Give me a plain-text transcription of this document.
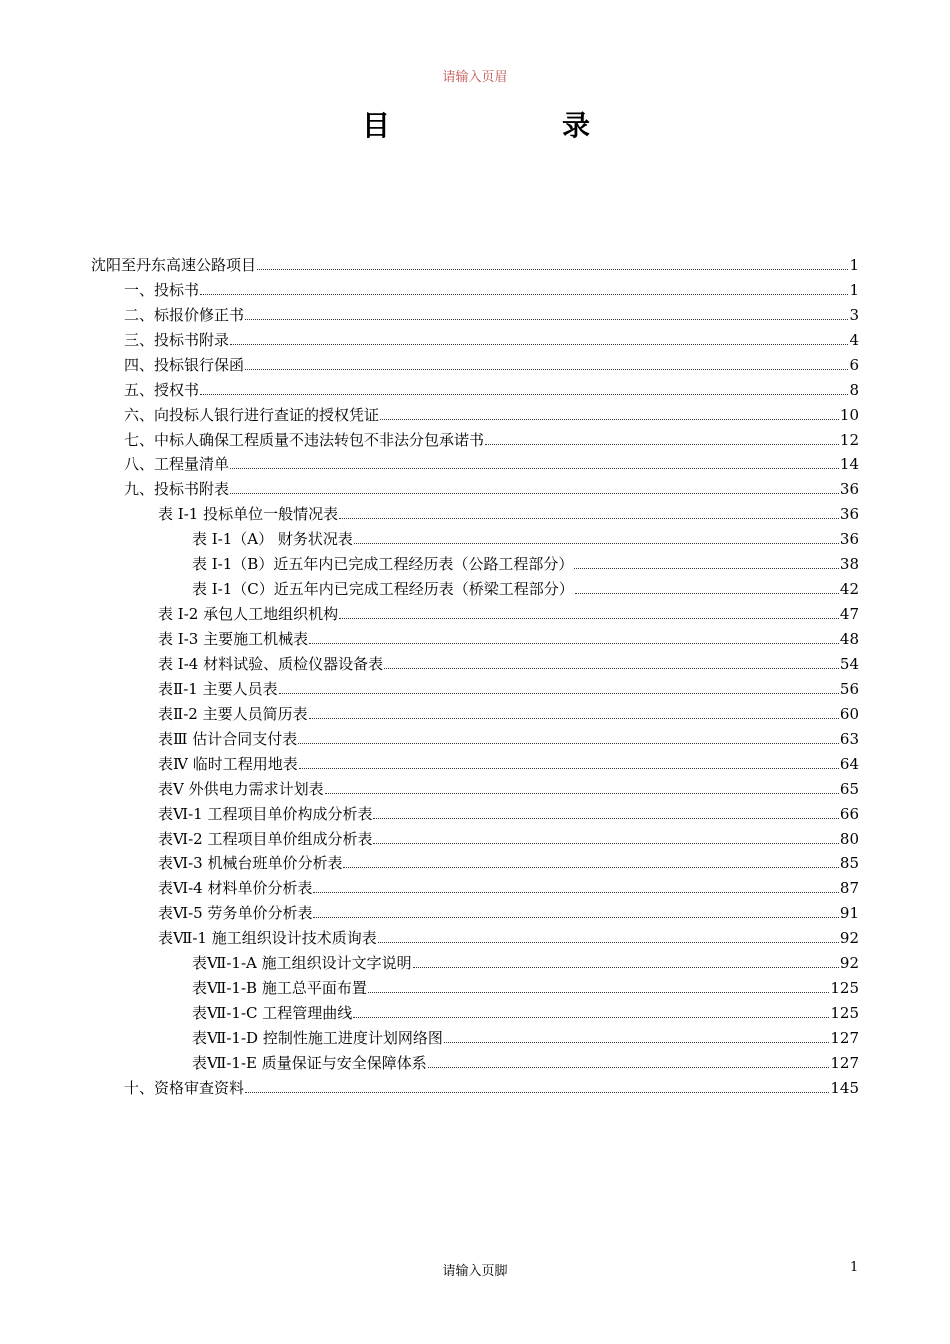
请输入页眉
目	录
沈阳至丹东高速公路项目	1
一、投标书	1
二、标报价修正书	3
三、投标书附录	4
四、投标银行保函	6
五、授权书	8
六、向投标人银行进行查证的授权凭证	10
七、中标人确保工程质量不违法转包不非法分包承诺书	12
八、工程量清单	14
九、投标书附表	36
表 I-1 投标单位一般情况表	36
表 I-1（A） 财务状况表	36
表 I-1（B）近五年内已完成工程经历表（公路工程部分）	38
表 I-1（C）近五年内已完成工程经历表（桥梁工程部分）	42
表 I-2 承包人工地组织机构	47
表 I-3 主要施工机械表	48
表 I-4 材料试验、质检仪器设备表	54
表Ⅱ-1 主要人员表	56
表Ⅱ-2 主要人员简历表	60
表Ⅲ 估计合同支付表	63
表Ⅳ 临时工程用地表	64
表Ⅴ 外供电力需求计划表	65
表Ⅵ-1 工程项目单价构成分析表	66
表Ⅵ-2 工程项目单价组成分析表	80
表Ⅵ-3 机械台班单价分析表	85
表Ⅵ-4 材料单价分析表	87
表Ⅵ-5 劳务单价分析表	91
表Ⅶ-1 施工组织设计技术质询表	92
表Ⅶ-1-A 施工组织设计文字说明	92
表Ⅶ-1-B 施工总平面布置	125
表Ⅶ-1-C 工程管理曲线	125
表Ⅶ-1-D 控制性施工进度计划网络图	127
表Ⅶ-1-E 质量保证与安全保障体系	127
十、资格审查资料	145
请输入页脚	1
